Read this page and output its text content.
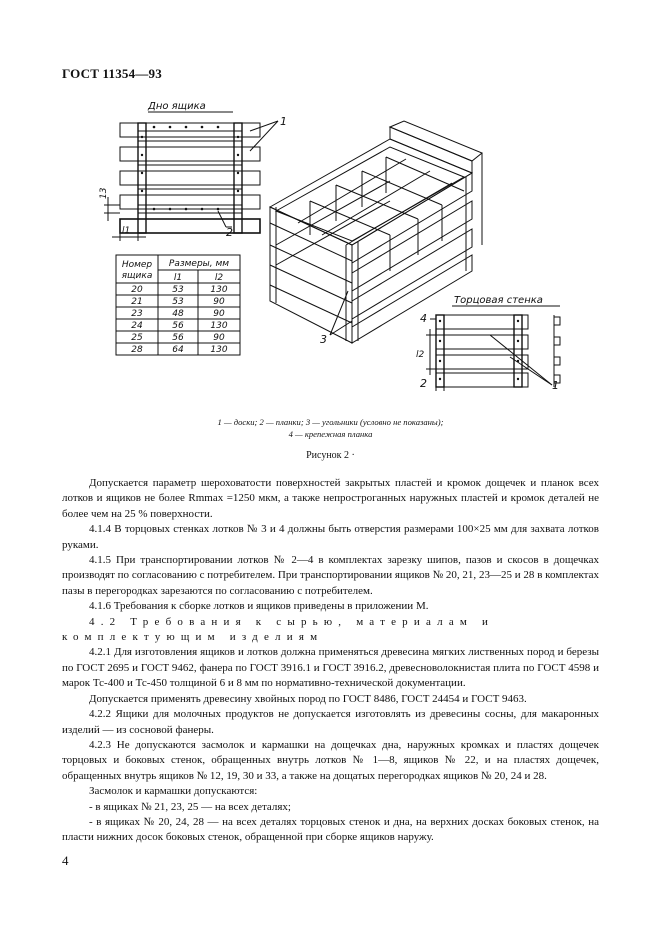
ГОСТ 11354—93
Дно ящика
1
2
13
l1
Номер
ящика
Размеры, мм
l1	l2
20	53	130
21	53	90
23	48	90
24	56	130
25	56	90
28	64	130
3
Торцовая стенка
4
l2
2	1
1 — доски; 2 — планки; 3 — угольники (условно не показаны);
4 — крепежная планка
Рисунок 2 ·

Допускается параметр шероховатости поверхностей закрытых пластей и кромок дощечек и планок всех лотков и ящиков не более Rmmax =1250 мкм, а также непростроганных наружных пластей и кромок деталей не более чем на 25 % поверхности.

4.1.4 В торцовых стенках лотков № 3 и 4 должны быть отверстия размерами 100×25 мм для захвата лотков руками.

4.1.5 При транспортировании лотков № 2—4 в комплектах зарезку шипов, пазов и скосов в дощечках производят по согласованию с потребителем. При транспортировании ящиков № 20, 21, 23—25 и 28 в комплектах пазы в перегородках зарезаются по согласованию с потребителем.

4.1.6 Требования к сборке лотков и ящиков приведены в приложении М.

4.2 Требования к сырью, материалам и комплектующим изделиям

4.2.1 Для изготовления ящиков и лотков должна применяться древесина мягких лиственных пород и березы по ГОСТ 2695 и ГОСТ 9462, фанера по ГОСТ 3916.1 и ГОСТ 3916.2, древесноволокнистая плита по ГОСТ 4598 и марок Тс-400 и Тс-450 толщиной 6 и 8 мм по нормативно-технической документации.

Допускается применять древесину хвойных пород по ГОСТ 8486, ГОСТ 24454 и ГОСТ 9463.

4.2.2 Ящики для молочных продуктов не допускается изготовлять из древесины сосны, для макаронных изделий — из сосновой фанеры.

4.2.3 Не допускаются засмолок и кармашки на дощечках дна, наружных кромках и пластях дощечек торцовых и боковых стенок, обращенных внутрь лотков № 1—8, ящиков № 22, и на пластях дощечек, обращенных внутрь ящиков № 12, 19, 30 и 33, а также на дощатых перегородках ящиков № 20, 24 и 28.

Засмолок и кармашки допускаются:

- в ящиках № 21, 23, 25 — на всех деталях;

- в ящиках № 20, 24, 28 — на всех деталях торцовых стенок и дна, на верхних досках боковых стенок, на пласти нижних досок боковых стенок, обращенной при сборке ящиков наружу.

4
